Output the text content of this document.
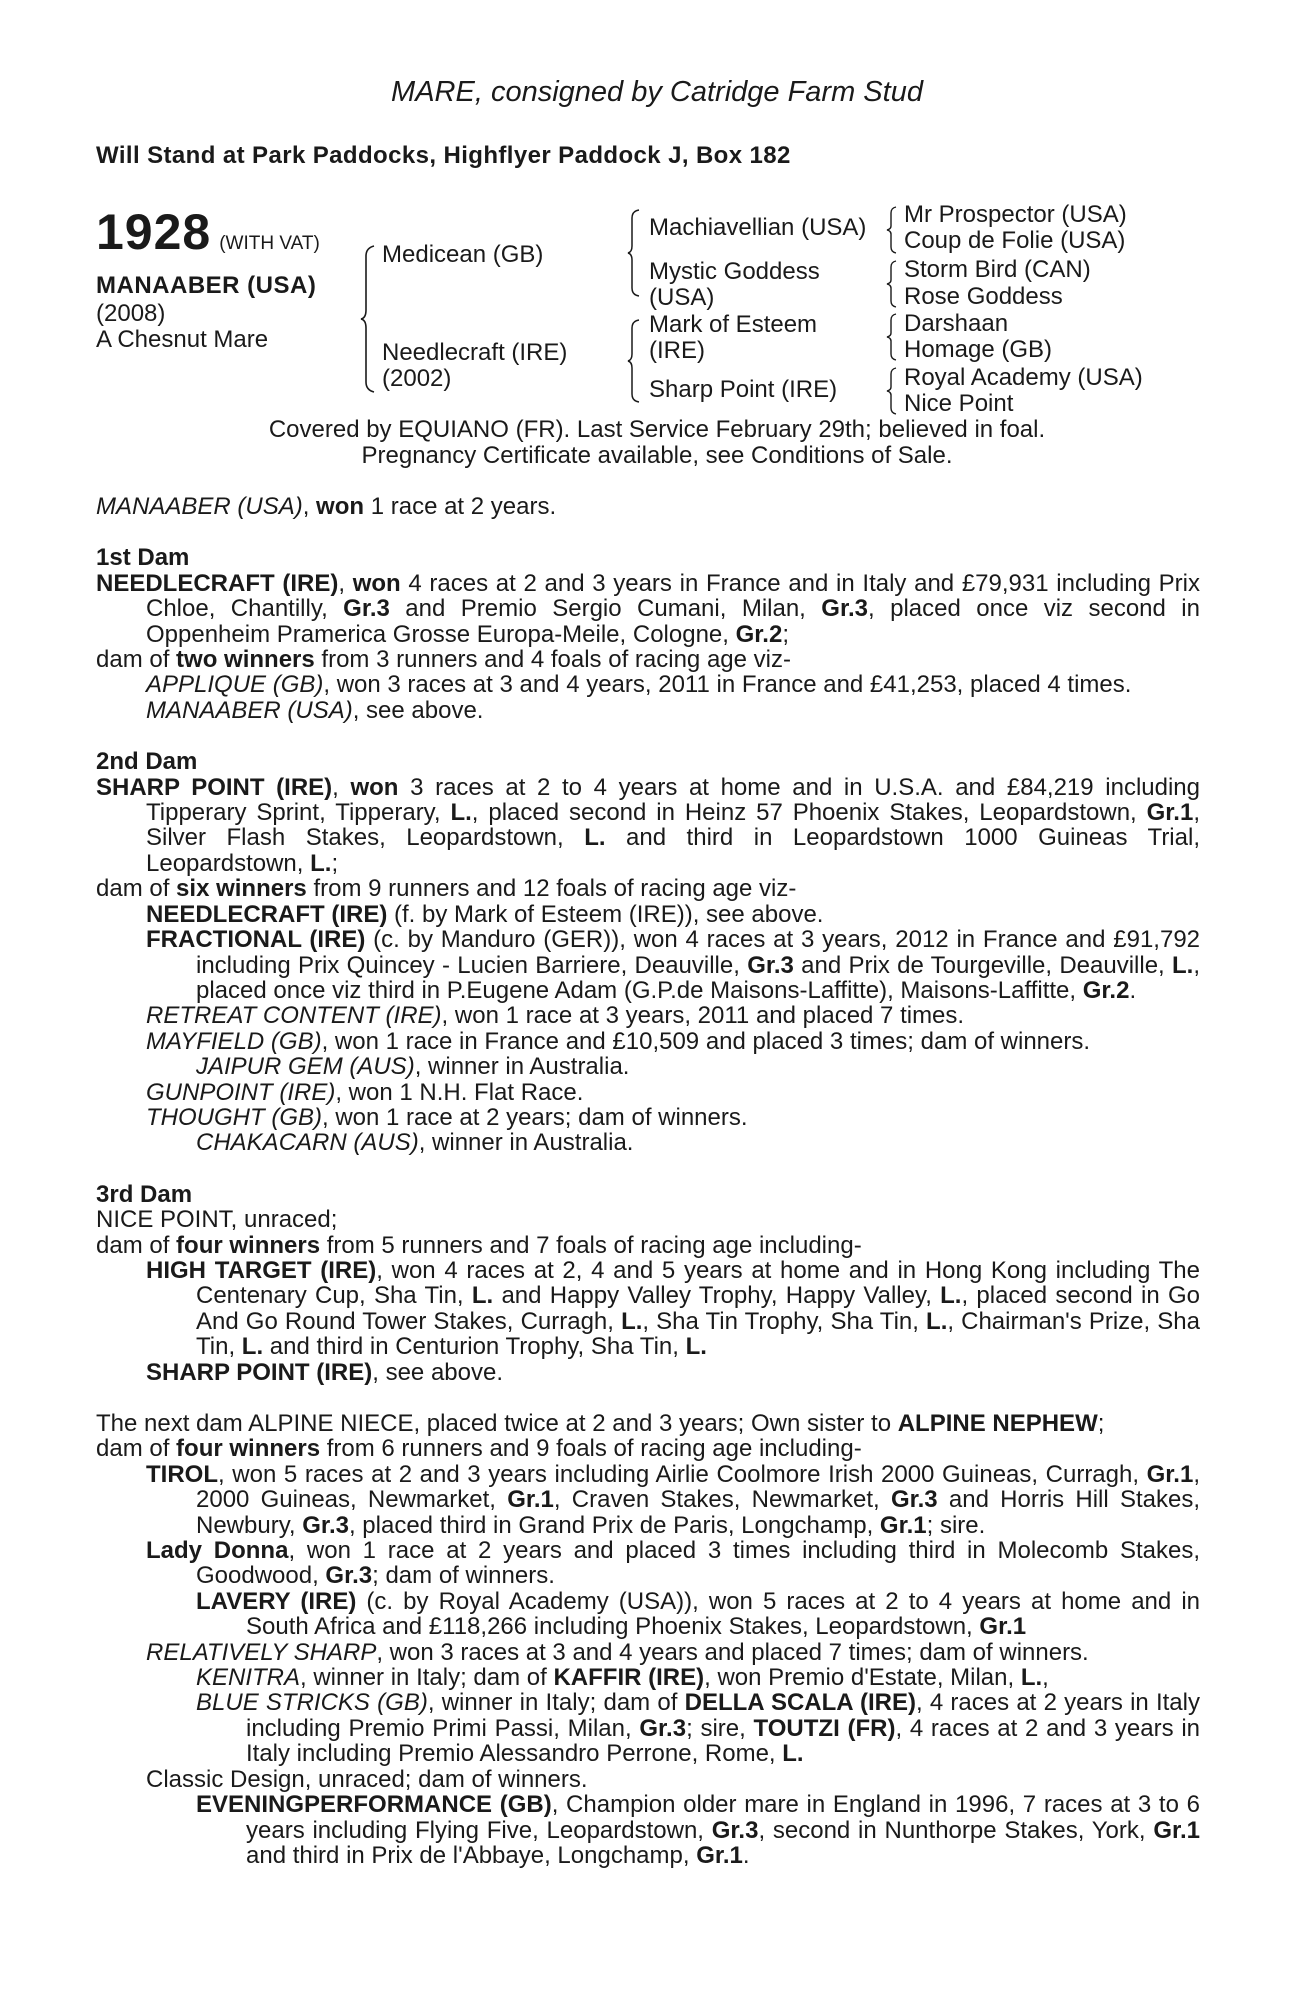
MARE, consigned by Catridge Farm Stud
Will Stand at Park Paddocks, Highflyer Paddock J, Box 182
1928 (WITH VAT)
MANAABER (USA)
(2008)
A Chesnut Mare
Medicean (GB)
Needlecraft (IRE)
(2002)
Machiavellian (USA)
Mystic Goddess
(USA)
Mark of Esteem
(IRE)
Sharp Point (IRE)
Mr Prospector (USA)
Coup de Folie (USA)
Storm Bird (CAN)
Rose Goddess
Darshaan
Homage (GB)
Royal Academy (USA)
Nice Point
Covered by EQUIANO (FR). Last Service February 29th; believed in foal.
Pregnancy Certificate available, see Conditions of Sale.

MANAABER (USA), won 1 race at 2 years.

1st Dam

NEEDLECRAFT (IRE), won 4 races at 2 and 3 years in France and in Italy and £79,931 including Prix Chloe, Chantilly, Gr.3 and Premio Sergio Cumani, Milan, Gr.3, placed once viz second in Oppenheim Pramerica Grosse Europa-Meile, Cologne, Gr.2;

dam of two winners from 3 runners and 4 foals of racing age viz-

APPLIQUE (GB), won 3 races at 3 and 4 years, 2011 in France and £41,253, placed 4 times.

MANAABER (USA), see above.

2nd Dam

SHARP POINT (IRE), won 3 races at 2 to 4 years at home and in U.S.A. and £84,219 including Tipperary Sprint, Tipperary, L., placed second in Heinz 57 Phoenix Stakes, Leopardstown, Gr.1, Silver Flash Stakes, Leopardstown, L. and third in Leopardstown 1000 Guineas Trial, Leopardstown, L.;

dam of six winners from 9 runners and 12 foals of racing age viz-

NEEDLECRAFT (IRE) (f. by Mark of Esteem (IRE)), see above.

FRACTIONAL (IRE) (c. by Manduro (GER)), won 4 races at 3 years, 2012 in France and £91,792 including Prix Quincey - Lucien Barriere, Deauville, Gr.3 and Prix de Tourgeville, Deauville, L., placed once viz third in P.Eugene Adam (G.P.de Maisons-Laffitte), Maisons-Laffitte, Gr.2.

RETREAT CONTENT (IRE), won 1 race at 3 years, 2011 and placed 7 times.

MAYFIELD (GB), won 1 race in France and £10,509 and placed 3 times; dam of winners.

JAIPUR GEM (AUS), winner in Australia.

GUNPOINT (IRE), won 1 N.H. Flat Race.

THOUGHT (GB), won 1 race at 2 years; dam of winners.

CHAKACARN (AUS), winner in Australia.

3rd Dam

NICE POINT, unraced;

dam of four winners from 5 runners and 7 foals of racing age including-

HIGH TARGET (IRE), won 4 races at 2, 4 and 5 years at home and in Hong Kong including The Centenary Cup, Sha Tin, L. and Happy Valley Trophy, Happy Valley, L., placed second in Go And Go Round Tower Stakes, Curragh, L., Sha Tin Trophy, Sha Tin, L., Chairman's Prize, Sha Tin, L. and third in Centurion Trophy, Sha Tin, L.

SHARP POINT (IRE), see above.

The next dam ALPINE NIECE, placed twice at 2 and 3 years; Own sister to ALPINE NEPHEW;

dam of four winners from 6 runners and 9 foals of racing age including-

TIROL, won 5 races at 2 and 3 years including Airlie Coolmore Irish 2000 Guineas, Curragh, Gr.1, 2000 Guineas, Newmarket, Gr.1, Craven Stakes, Newmarket, Gr.3 and Horris Hill Stakes, Newbury, Gr.3, placed third in Grand Prix de Paris, Longchamp, Gr.1; sire.

Lady Donna, won 1 race at 2 years and placed 3 times including third in Molecomb Stakes, Goodwood, Gr.3; dam of winners.

LAVERY (IRE) (c. by Royal Academy (USA)), won 5 races at 2 to 4 years at home and in South Africa and £118,266 including Phoenix Stakes, Leopardstown, Gr.1

RELATIVELY SHARP, won 3 races at 3 and 4 years and placed 7 times; dam of winners.

KENITRA, winner in Italy; dam of KAFFIR (IRE), won Premio d'Estate, Milan, L.,

BLUE STRICKS (GB), winner in Italy; dam of DELLA SCALA (IRE), 4 races at 2 years in Italy including Premio Primi Passi, Milan, Gr.3; sire, TOUTZI (FR), 4 races at 2 and 3 years in Italy including Premio Alessandro Perrone, Rome, L.

Classic Design, unraced; dam of winners.

EVENINGPERFORMANCE (GB), Champion older mare in England in 1996, 7 races at 3 to 6 years including Flying Five, Leopardstown, Gr.3, second in Nunthorpe Stakes, York, Gr.1 and third in Prix de l'Abbaye, Longchamp, Gr.1.
